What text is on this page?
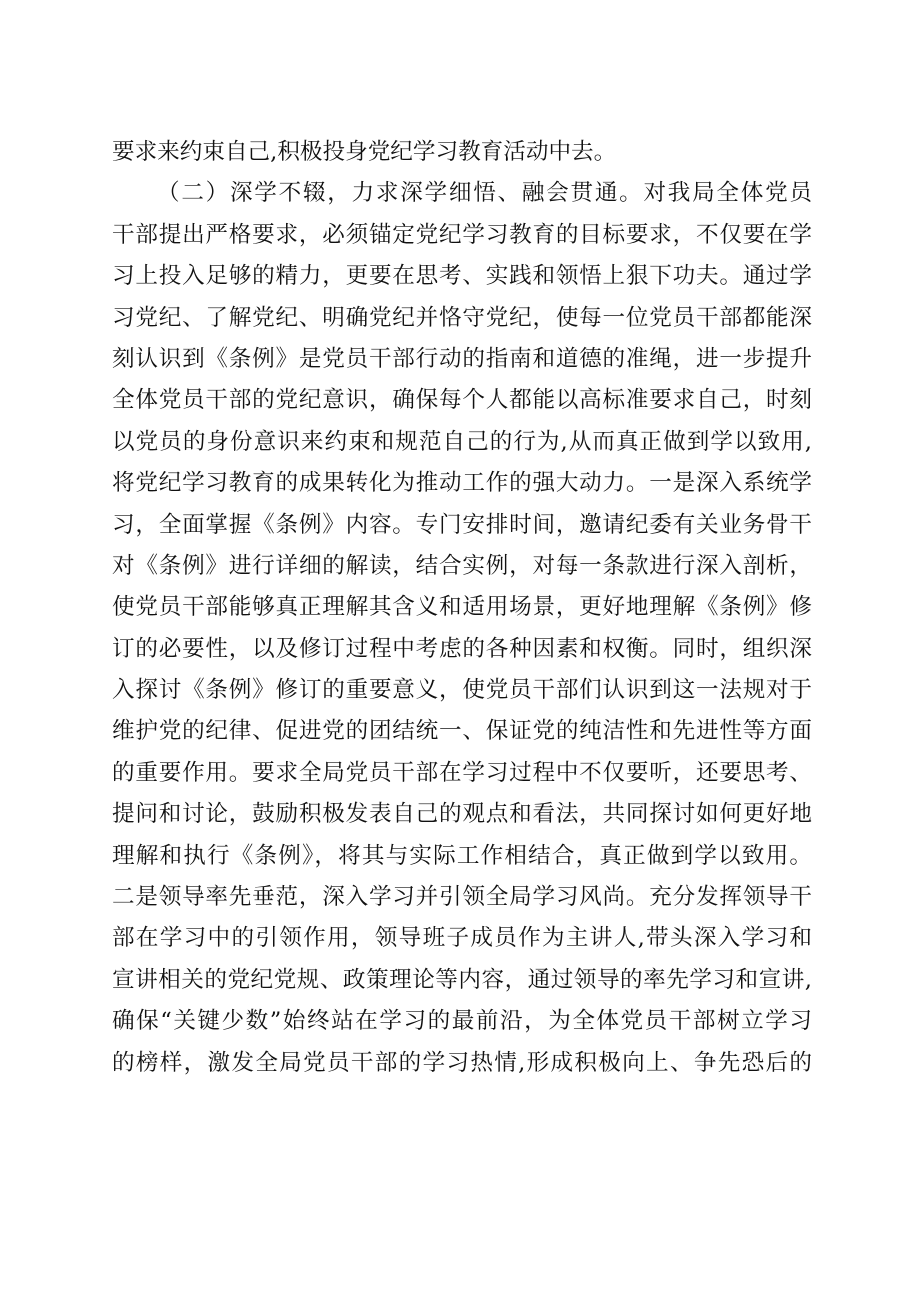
要求来约束自己,积极投身党纪学习教育活动中去。
（二）深学不辍，力求深学细悟、融会贯通。对我局全体党员
干部提出严格要求，必须锚定党纪学习教育的目标要求，不仅要在学
习上投入足够的精力，更要在思考、实践和领悟上狠下功夫。通过学
习党纪、了解党纪、明确党纪并恪守党纪，使每一位党员干部都能深
刻认识到《条例》是党员干部行动的指南和道德的准绳，进一步提升
全体党员干部的党纪意识，确保每个人都能以高标准要求自己，时刻
以党员的身份意识来约束和规范自己的行为,从而真正做到学以致用,
将党纪学习教育的成果转化为推动工作的强大动力。一是深入系统学
习，全面掌握《条例》内容。专门安排时间，邀请纪委有关业务骨干
对《条例》进行详细的解读，结合实例，对每一条款进行深入剖析，
使党员干部能够真正理解其含义和适用场景，更好地理解《条例》修
订的必要性，以及修订过程中考虑的各种因素和权衡。同时，组织深
入探讨《条例》修订的重要意义，使党员干部们认识到这一法规对于
维护党的纪律、促进党的团结统一、保证党的纯洁性和先进性等方面
的重要作用。要求全局党员干部在学习过程中不仅要听，还要思考、
提问和讨论，鼓励积极发表自己的观点和看法，共同探讨如何更好地
理解和执行《条例》，将其与实际工作相结合，真正做到学以致用。
二是领导率先垂范，深入学习并引领全局学习风尚。充分发挥领导干
部在学习中的引领作用，领导班子成员作为主讲人,带头深入学习和
宣讲相关的党纪党规、政策理论等内容，通过领导的率先学习和宣讲,
确保“关键少数”始终站在学习的最前沿，为全体党员干部树立学习
的榜样，激发全局党员干部的学习热情,形成积极向上、争先恐后的
